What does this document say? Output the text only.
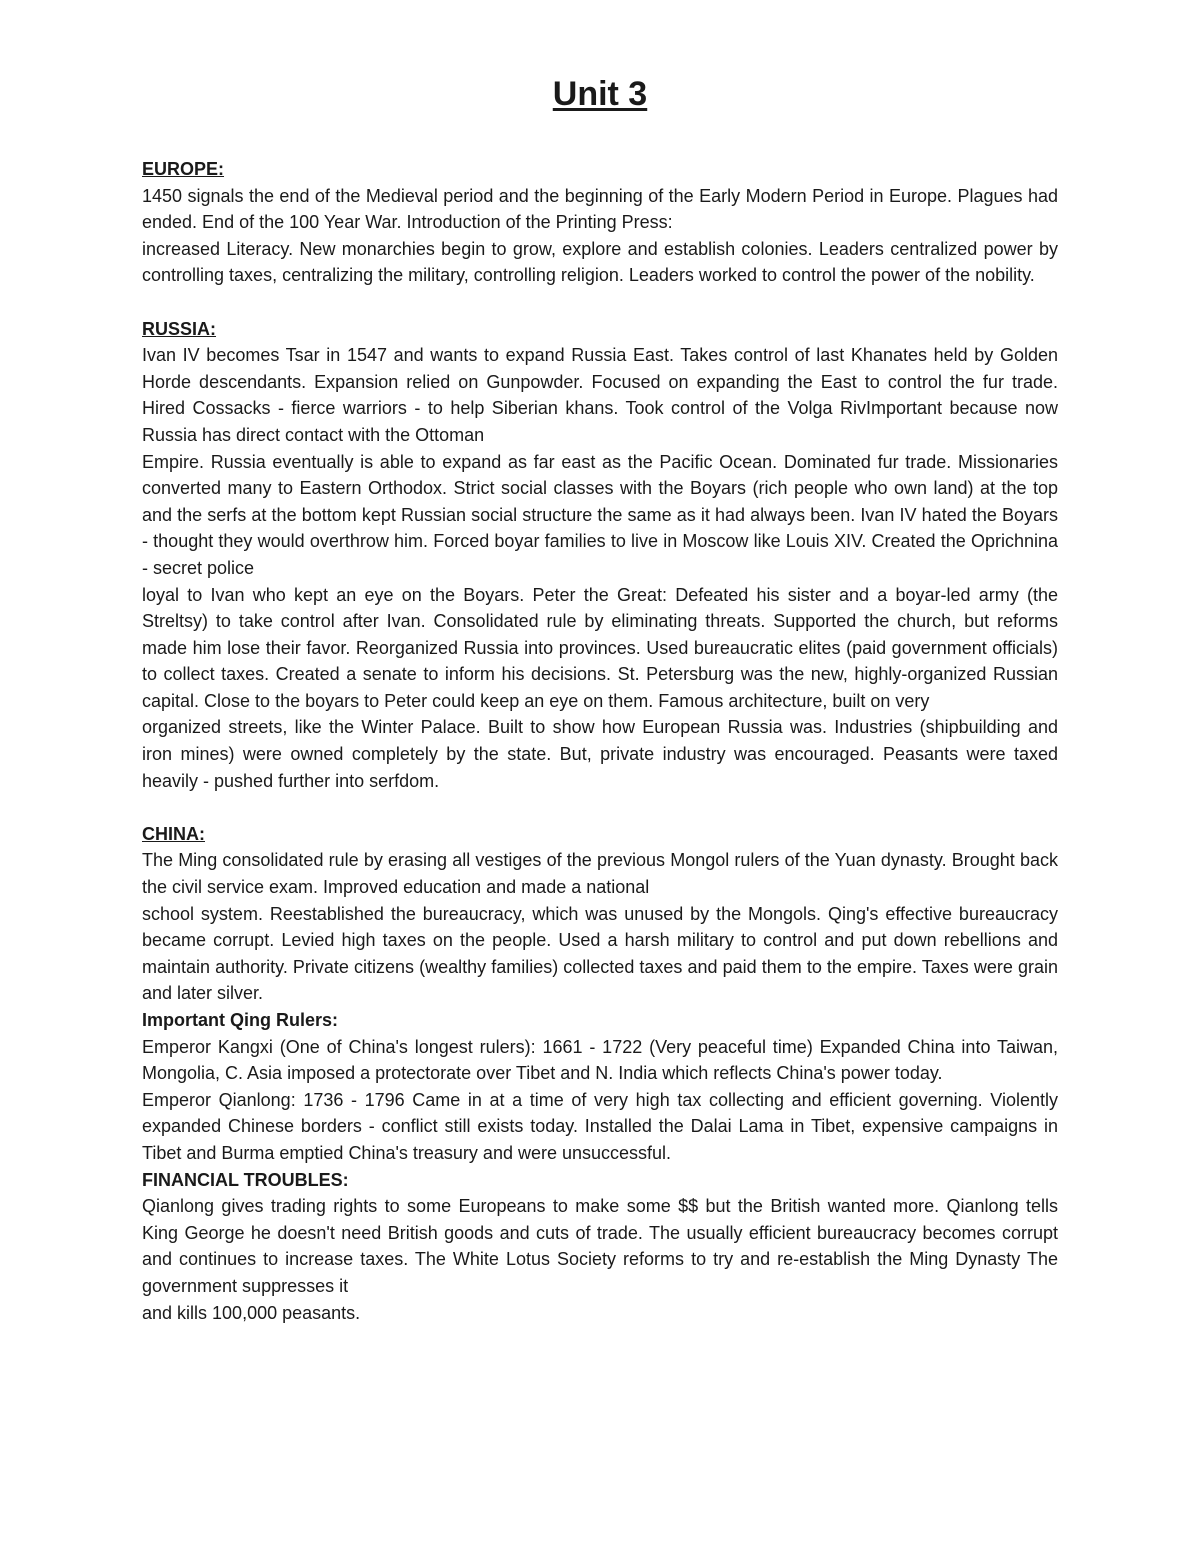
Unit 3
EUROPE:

1450 signals the end of the Medieval period and the beginning of the Early Modern Period in Europe. Plagues had ended. End of the 100 Year War. Introduction of the Printing Press:

increased Literacy. New monarchies begin to grow, explore and establish colonies. Leaders centralized power by controlling taxes, centralizing the military, controlling religion. Leaders worked to control the power of the nobility.

RUSSIA:

Ivan IV becomes Tsar in 1547 and wants to expand Russia East. Takes control of last Khanates held by Golden Horde descendants. Expansion relied on Gunpowder. Focused on expanding the East to control the fur trade. Hired Cossacks - fierce warriors - to help Siberian khans. Took control of the Volga RivImportant because now Russia has direct contact with the Ottoman

Empire. Russia eventually is able to expand as far east as the Pacific Ocean. Dominated fur trade. Missionaries converted many to Eastern Orthodox. Strict social classes with the Boyars (rich people who own land) at the top and the serfs at the bottom kept Russian social structure the same as it had always been. Ivan IV hated the Boyars - thought they would overthrow him. Forced boyar families to live in Moscow like Louis XIV. Created the Oprichnina - secret police

loyal to Ivan who kept an eye on the Boyars. Peter the Great: Defeated his sister and a boyar-led army (the Streltsy) to take control after Ivan. Consolidated rule by eliminating threats. Supported the church, but reforms made him lose their favor. Reorganized Russia into provinces. Used bureaucratic elites (paid government officials) to collect taxes. Created a senate to inform his decisions. St. Petersburg was the new, highly-organized Russian capital. Close to the boyars to Peter could keep an eye on them. Famous architecture, built on very

organized streets, like the Winter Palace. Built to show how European Russia was. Industries (shipbuilding and iron mines) were owned completely by the state. But, private industry was encouraged. Peasants were taxed heavily - pushed further into serfdom.

CHINA:

The Ming consolidated rule by erasing all vestiges of the previous Mongol rulers of the Yuan dynasty. Brought back the civil service exam. Improved education and made a national

school system. Reestablished the bureaucracy, which was unused by the Mongols. Qing's effective bureaucracy became corrupt. Levied high taxes on the people. Used a harsh military to control and put down rebellions and maintain authority. Private citizens (wealthy families) collected taxes and paid them to the empire. Taxes were grain and later silver.

Important Qing Rulers:

Emperor Kangxi (One of China's longest rulers): 1661 - 1722 (Very peaceful time) Expanded China into Taiwan, Mongolia, C. Asia imposed a protectorate over Tibet and N. India which reflects China's power today.

Emperor Qianlong: 1736 - 1796 Came in at a time of very high tax collecting and efficient governing. Violently expanded Chinese borders - conflict still exists today. Installed the Dalai Lama in Tibet, expensive campaigns in Tibet and Burma emptied China's treasury and were unsuccessful.

FINANCIAL TROUBLES:

Qianlong gives trading rights to some Europeans to make some $$ but the British wanted more. Qianlong tells King George he doesn't need British goods and cuts of trade. The usually efficient bureaucracy becomes corrupt and continues to increase taxes. The White Lotus Society reforms to try and re-establish the Ming Dynasty The government suppresses it

and kills 100,000 peasants.
